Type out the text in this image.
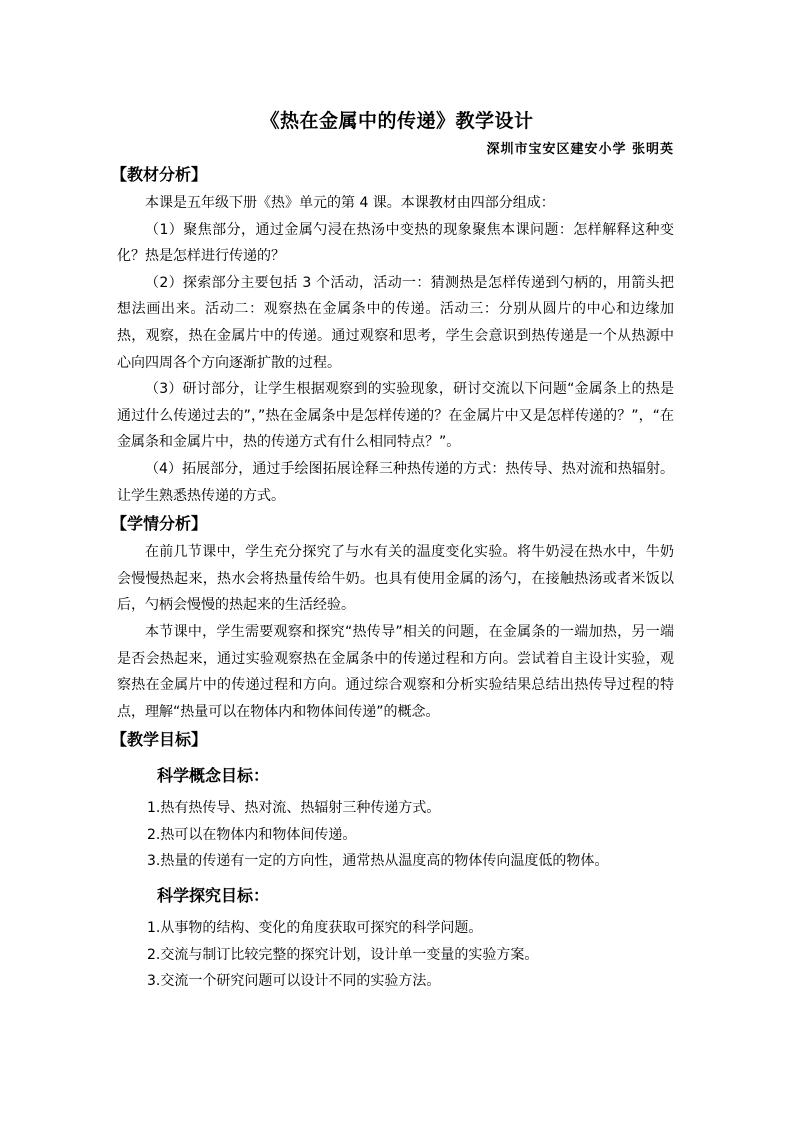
《热在金属中的传递》教学设计
深圳市宝安区建安小学 张明英
【教材分析】

本课是五年级下册《热》单元的第 4 课。本课教材由四部分组成：

（1）聚焦部分，通过金属勺浸在热汤中变热的现象聚焦本课问题：怎样解释这种变化？热是怎样进行传递的？

（2）探索部分主要包括 3 个活动，活动一：猜测热是怎样传递到勺柄的，用箭头把想法画出来。活动二：观察热在金属条中的传递。活动三：分别从圆片的中心和边缘加热，观察，热在金属片中的传递。通过观察和思考，学生会意识到热传递是一个从热源中心向四周各个方向逐渐扩散的过程。

（3）研讨部分，让学生根据观察到的实验现象，研讨交流以下问题“金属条上的热是通过什么传递过去的”，”热在金属条中是怎样传递的？在金属片中又是怎样传递的？”，“在金属条和金属片中，热的传递方式有什么相同特点？”。

（4）拓展部分，通过手绘图拓展诠释三种热传递的方式：热传导、热对流和热辐射。让学生熟悉热传递的方式。

【学情分析】

在前几节课中，学生充分探究了与水有关的温度变化实验。将牛奶浸在热水中，牛奶会慢慢热起来，热水会将热量传给牛奶。也具有使用金属的汤勺，在接触热汤或者米饭以后，勺柄会慢慢的热起来的生活经验。

本节课中，学生需要观察和探究“热传导”相关的问题，在金属条的一端加热，另一端是否会热起来，通过实验观察热在金属条中的传递过程和方向。尝试着自主设计实验，观察热在金属片中的传递过程和方向。通过综合观察和分析实验结果总结出热传导过程的特点，理解“热量可以在物体内和物体间传递”的概念。

【教学目标】
科学概念目标：

1.热有热传导、热对流、热辐射三种传递方式。

2.热可以在物体内和物体间传递。

3.热量的传递有一定的方向性，通常热从温度高的物体传向温度低的物体。

科学探究目标：

1.从事物的结构、变化的角度获取可探究的科学问题。

2.交流与制订比较完整的探究计划，设计单一变量的实验方案。

3.交流一个研究问题可以设计不同的实验方法。
